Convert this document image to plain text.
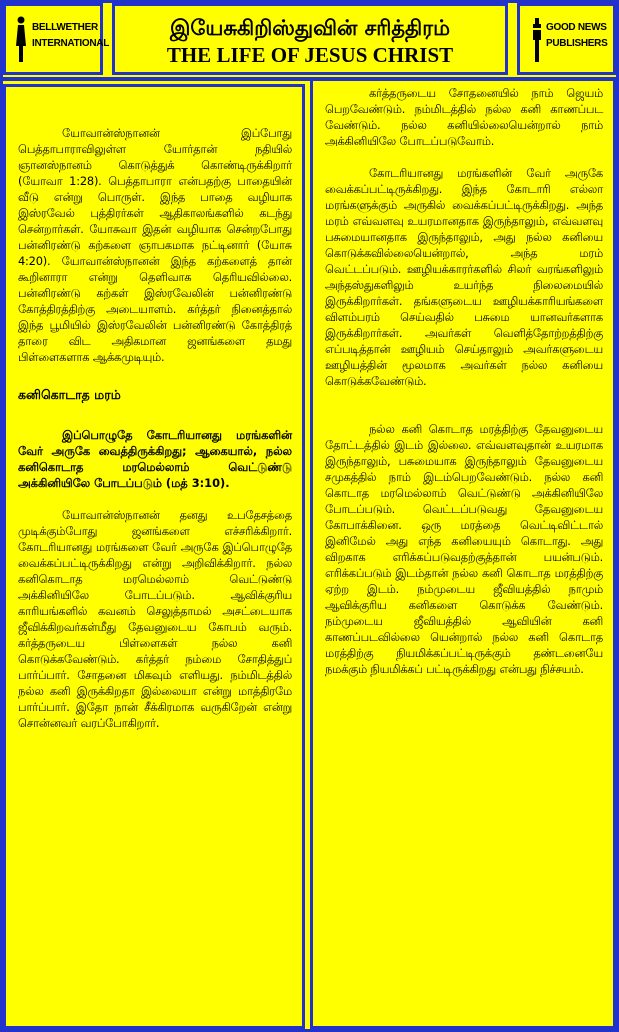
BELLWETHER INTERNATIONAL
இயேசுகிறிஸ்துவின் சரித்திரம்
THE LIFE OF JESUS CHRIST
GOOD NEWS PUBLISHERS

யோவான்ஸ்நானன் இப்போது பெத்தாபாராவிலுள்ள யோர்தான் நதியில் ஞானஸ்நானம் கொடுத்துக் கொண்டிருக்கிறார் (யோவா 1:28). பெத்தாபாரா என்பதற்கு பாதையின் வீடு என்று பொருள். இந்த பாதை வழியாக இஸ்ரவேல் புத்திரர்கள் ஆதிகாலங்களில் கடந்து சென்றார்கள். யோசுவா இதன் வழியாக சென்றபோது பன்னிரண்டு கற்களை ஞாபகமாக நட்டினார் (யோசு 4:20). யோவான்ஸ்நானன் இந்த கற்களைத் தான் கூறினாரா என்று தெளிவாக தெரியவில்லை. பன்னிரண்டு கற்கள் இஸ்ரவேலின் பன்னிரண்டு கோத்திரத்திற்கு அடையாளம். கர்த்தர் நினைத்தால் இந்த பூமியில் இஸ்ரவேலின் பன்னிரண்டு கோத்திரத் தாரை விட அதிகமான ஜனங்களை தமது பிள்ளைகளாக ஆக்கமுடியும்.

கனிகொடாத மரம்
இப்பொழுதே கோடரியானது மரங்களின் வேர் அருகே வைத்திருக்கிறது; ஆகையால், நல்ல கனிகொடாத மரமெல்லாம் வெட்டுண்டு அக்கினியிலே போடப்படும் (மத் 3:10).

யோவான்ஸ்நானன் தனது உபதேசத்தை முடிக்கும்போது ஜனங்களை எச்சரிக்கிறார். கோடரியானது மரங்களை வேர் அருகே இப்பொழுதே வைக்கப்பட்டிருக்கிறது என்று அறிவிக்கிறார். நல்ல கனிகொடாத மரமெல்லாம் வெட்டுண்டு அக்கினியிலே போடப்படும். ஆவிக்குரிய காரியங்களில் கவனம் செலுத்தாமல் அசட்டையாக ஜீவிக்கிறவர்கள்மீது தேவனுடைய கோபம் வரும். கர்த்தருடைய பிள்ளைகள் நல்ல கனி கொடுக்கவேண்டும். கர்த்தர் நம்மை சோதித்துப் பார்ப்பார். சோதனை மிகவும் எளியது. நம்மிடத்தில் நல்ல கனி இருக்கிறதா இல்லையா என்று மாத்திரமே பார்ப்பார். இதோ நான் சீக்கிரமாக வருகிறேன் என்று சொன்னவர் வரப்போகிறார்.

கர்த்தருடைய சோதனையில் நாம் ஜெயம் பெறவேண்டும். நம்மிடத்தில் நல்ல கனி காணப்பட வேண்டும். நல்ல கனியில்லையென்றால் நாம் அக்கினியிலே போடப்படுவோம்.

கோடரியானது மரங்களின் வேர் அருகே வைக்கப்பட்டிருக்கிறது. இந்த கோடாரி எல்லா மரங்களுக்கும் அருகில் வைக்கப்பட்டிருக்கிறது. அந்த மரம் எவ்வளவு உயரமானதாக இருந்தாலும், எவ்வளவு பசுமையானதாக இருந்தாலும், அது நல்ல கனியை கொடுக்கவில்லையென்றால், அந்த மரம் வெட்டப்படும். ஊழியக்காரர்களில் சிலர் வரங்களிலும் அந்தஸ்துகளிலும் உயர்ந்த நிலைமையில் இருக்கிறார்கள். தங்களுடைய ஊழியக்காரியங்களை விளம்பரம் செய்வதில் பசுமை யானவர்களாக இருக்கிறார்கள். அவர்கள் வெளித்தோற்றத்திற்கு எப்படித்தான் ஊழியம் செய்தாலும் அவர்களுடைய ஊழியத்தின் மூலமாக அவர்கள் நல்ல கனியை கொடுக்கவேண்டும்.

நல்ல கனி கொடாத மரத்திற்கு தேவனுடைய தோட்டத்தில் இடம் இல்லை. எவ்வளவுதான் உயரமாக இருந்தாலும், பசுமையாக இருந்தாலும் தேவனுடைய சமுகத்தில் நாம் இடம்பெறவேண்டும். நல்ல கனி கொடாத மரமெல்லாம் வெட்டுண்டு அக்கினியிலே போடப்படும். வெட்டப்படுவது தேவனுடைய கோபாக்கினை. ஒரு மரத்தை வெட்டிவிட்டால் இனிமேல் அது எந்த கனியையும் கொடாது. அது விறகாக எரிக்கப்படுவதற்குத்தான் பயன்படும். எரிக்கப்படும் இடம்தான் நல்ல கனி கொடாத மரத்திற்கு ஏற்ற இடம். நம்முடைய ஜீவியத்தில் நாமும் ஆவிக்குரிய கனிகளை கொடுக்க வேண்டும். நம்முடைய ஜீவியத்தில் ஆவியின் கனி காணப்படவில்லை யென்றால் நல்ல கனி கொடாத மரத்திற்கு நியமிக்கப்பட்டிருக்கும் தண்டனையே நமக்கும் நியமிக்கப் பட்டிருக்கிறது என்பது நிச்சயம்.
